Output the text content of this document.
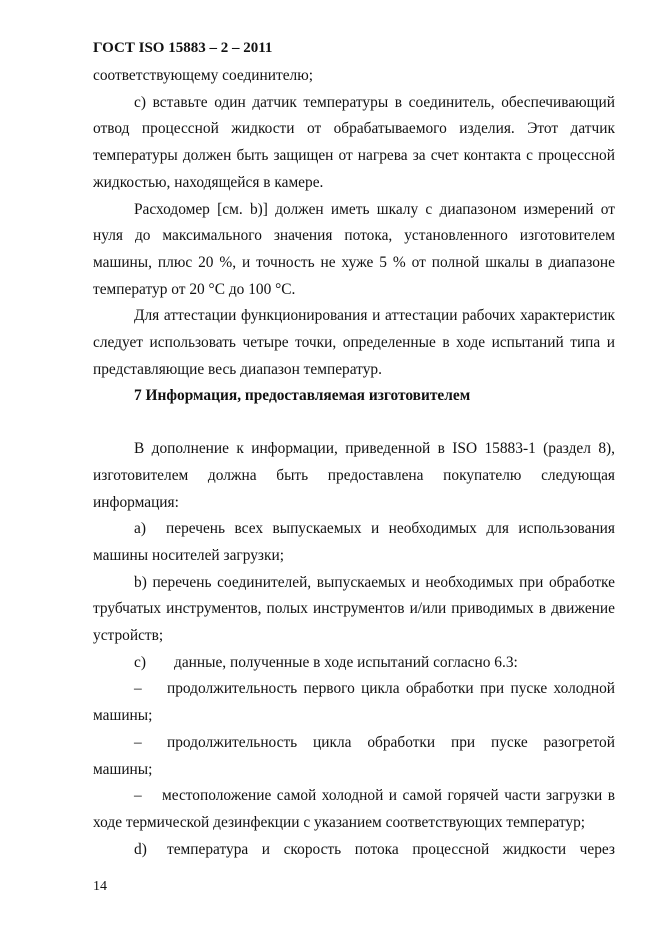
ГОСТ ISO 15883 – 2 – 2011

соответствующему соединителю;

c) вставьте один датчик температуры в соединитель, обеспечивающий отвод процессной жидкости от обрабатываемого изделия. Этот датчик температуры должен быть защищен от нагрева за счет контакта с процессной жидкостью, находящейся в камере.

Расходомер [см. b)] должен иметь шкалу с диапазоном измерений от нуля до максимального значения потока, установленного изготовителем машины, плюс 20 %, и точность не хуже 5 % от полной шкалы в диапазоне температур от 20 °C до 100 °C.

Для аттестации функционирования и аттестации рабочих характеристик следует использовать четыре точки, определенные в ходе испытаний типа и представляющие весь диапазон температур.

7 Информация, предоставляемая изготовителем

В дополнение к информации, приведенной в ISO 15883-1 (раздел 8), изготовителем должна быть предоставлена покупателю следующая информация:

a)	перечень всех выпускаемых и необходимых для использования

машины носителей загрузки;

b) перечень соединителей, выпускаемых и необходимых при обработке трубчатых инструментов, полых инструментов и/или приводимых в движение устройств;

c)	данные, полученные в ходе испытаний согласно 6.3:
–	продолжительность первого цикла обработки при пуске холодной

машины;

–	продолжительность цикла обработки при пуске разогретой

машины;

–	местоположение самой холодной и самой горячей части загрузки в

ходе термической дезинфекции с указанием соответствующих температур;

d)	температура и скорость потока процессной жидкости через
14
